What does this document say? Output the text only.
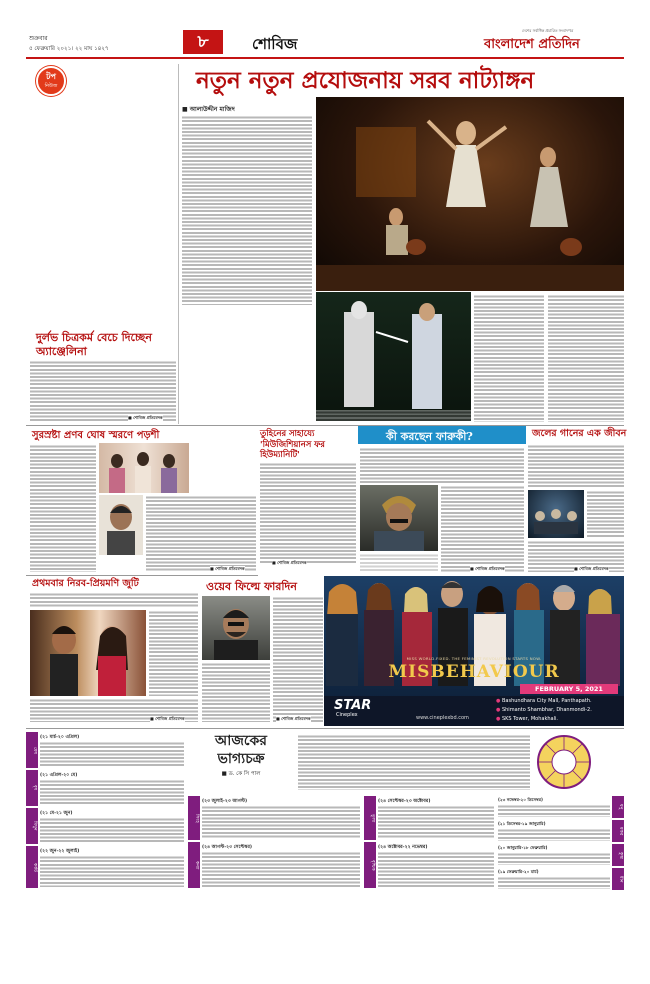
শুক্রবার
৫ ফেব্রুয়ারি ২০২১। ২২ মাঘ ১৪২৭	৮	শোবিজ
দেশের সর্বাধিক প্রচারিত সংবাদপত্র
বাংলাদেশ প্রতিদিন
টপ
নিউজ
দুর্লভ চিত্রকর্ম বেচে দিচ্ছেন অ্যাঞ্জেলিনা
■ শোবিজ প্রতিবেদক
নতুন নতুন প্রযোজনায় সরব নাট্যাঙ্গন
■ আলাউদ্দীন মাজিদ
সুরস্রষ্টা প্রণব ঘোষ স্মরণে পড়শী
■ শোবিজ প্রতিবেদক
তুহিনের সাহায্যে 'মিউজিশিয়ানস ফর হিউম্যানিটি'
■ শোবিজ প্রতিবেদক
কী করছেন ফারুকী?
■ শোবিজ প্রতিবেদক
জলের গানের এক জীবন
■ শোবিজ প্রতিবেদক
প্রথমবার নিরব-প্রিয়মণি জুটি
■ শোবিজ প্রতিবেদক
ওয়েব ফিল্মে ফারদিন
■ শোবিজ প্রতিবেদক
MISS WORLD.FIXED. THE FEMINIST REVOLUTION STARTS NOW.
MISBEHAVIOUR
FEBRUARY 5, 2021
STAR
Cineplex	www.cineplexbd.com
● Bashundhara City Mall, Panthapath.
● Shimanto Shambhar, Dhanmondi-2.
● SKS Tower, Mohakhali.
মেষ
(২১ মার্চ-২০ এপ্রিল)
বৃষ
(২১ এপ্রিল-২০ মে)
মিথুন
(২১ মে-২১ জুন)
কর্কট
(২২ জুন-২২ জুলাই)
আজকের
ভাগ্যচক্র
■ ড. কে সি পাল
সিংহ
(২৩ জুলাই-২৩ আগস্ট)
কন্যা
(২৪ আগস্ট-২৩ সেপ্টেম্বর)
তুলা
(২৪ সেপ্টেম্বর-২৩ অক্টোবর)
বৃশ্চিক
(২৪ অক্টোবর-২২ নভেম্বর)
ধনু
(২৩ নভেম্বর-২০ ডিসেম্বর)
মকর
(২১ ডিসেম্বর-১৯ জানুয়ারি)
কুম্ভ
(২০ জানুয়ারি-১৮ ফেব্রুয়ারি)
মীন
(১৯ ফেব্রুয়ারি-২০ মার্চ)
